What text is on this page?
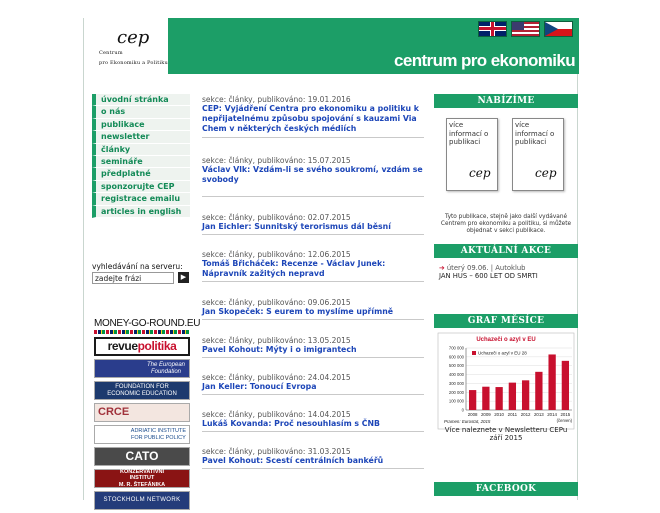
cep
Centrum
pro Ekonomiku a Politiku	centrum pro ekonomiku a politiku
úvodní stránka
o nás
publikace
newsletter
články
semináře
předplatné
sponzorujte CEP
registrace emailu
articles in english
vyhledávání na serveru:
zadejte frázi
▶
MONEY-GO-ROUND.EU
revue politika
The European
Foundation
FOUNDATION FOR
ECONOMIC EDUCATION
CRCE
ADRIATIC INSTITUTE
FOR PUBLIC POLICY
CATO
KONZERVATIVNÍ
INSTITUT
M. R. ŠTEFÁNIKA
STOCKHOLM NETWORK
sekce: články, publikováno: 19.01.2016
CEP: Vyjádření Centra pro ekonomiku a politiku k nepřijatelnému způsobu spojování s kauzami Via Chem v některých českých médiích
sekce: články, publikováno: 15.07.2015
Václav Vlk: Vzdám-li se svého soukromí, vzdám se svobody
sekce: články, publikováno: 02.07.2015
Jan Eichler: Sunnitský terorismus dál běsní
sekce: články, publikováno: 12.06.2015
Tomáš Břicháček: Recenze - Václav Junek: Nápravník zažitých nepravd
sekce: články, publikováno: 09.06.2015
Jan Skopeček: S eurem to myslíme upřímně
sekce: články, publikováno: 13.05.2015
Pavel Kohout: Mýty i o imigrantech
sekce: články, publikováno: 24.04.2015
Jan Keller: Tonoucí Evropa
sekce: články, publikováno: 14.04.2015
Lukáš Kovanda: Proč nesouhlasím s ČNB
sekce: články, publikováno: 31.03.2015
Pavel Kohout: Scestí centrálních bankéřů
NABÍZÍME
více informací o publikaci
cep
více informací o publikaci
cep
Tyto publikace, stejně jako další vydávané Centrem pro ekonomiku a politiku, si můžete objednat v sekci publikace.
AKTUÁLNÍ AKCE
➔ úterý 09.06. | Autoklub
JAN HUS – 600 LET OD SMRTI
GRAF MĚSÍCE
Uchazeči o azyl v EU
0
100 000
200 000
300 000
400 000
500 000
600 000
700 000
Uchazeči o azyl v EU 28
2008 2009 2010 2011 2012 2013 2014 2015
Pramen: Eurostat, 2015	(červen)
Více naleznete v Newsletteru CEPu
září 2015
FACEBOOK
